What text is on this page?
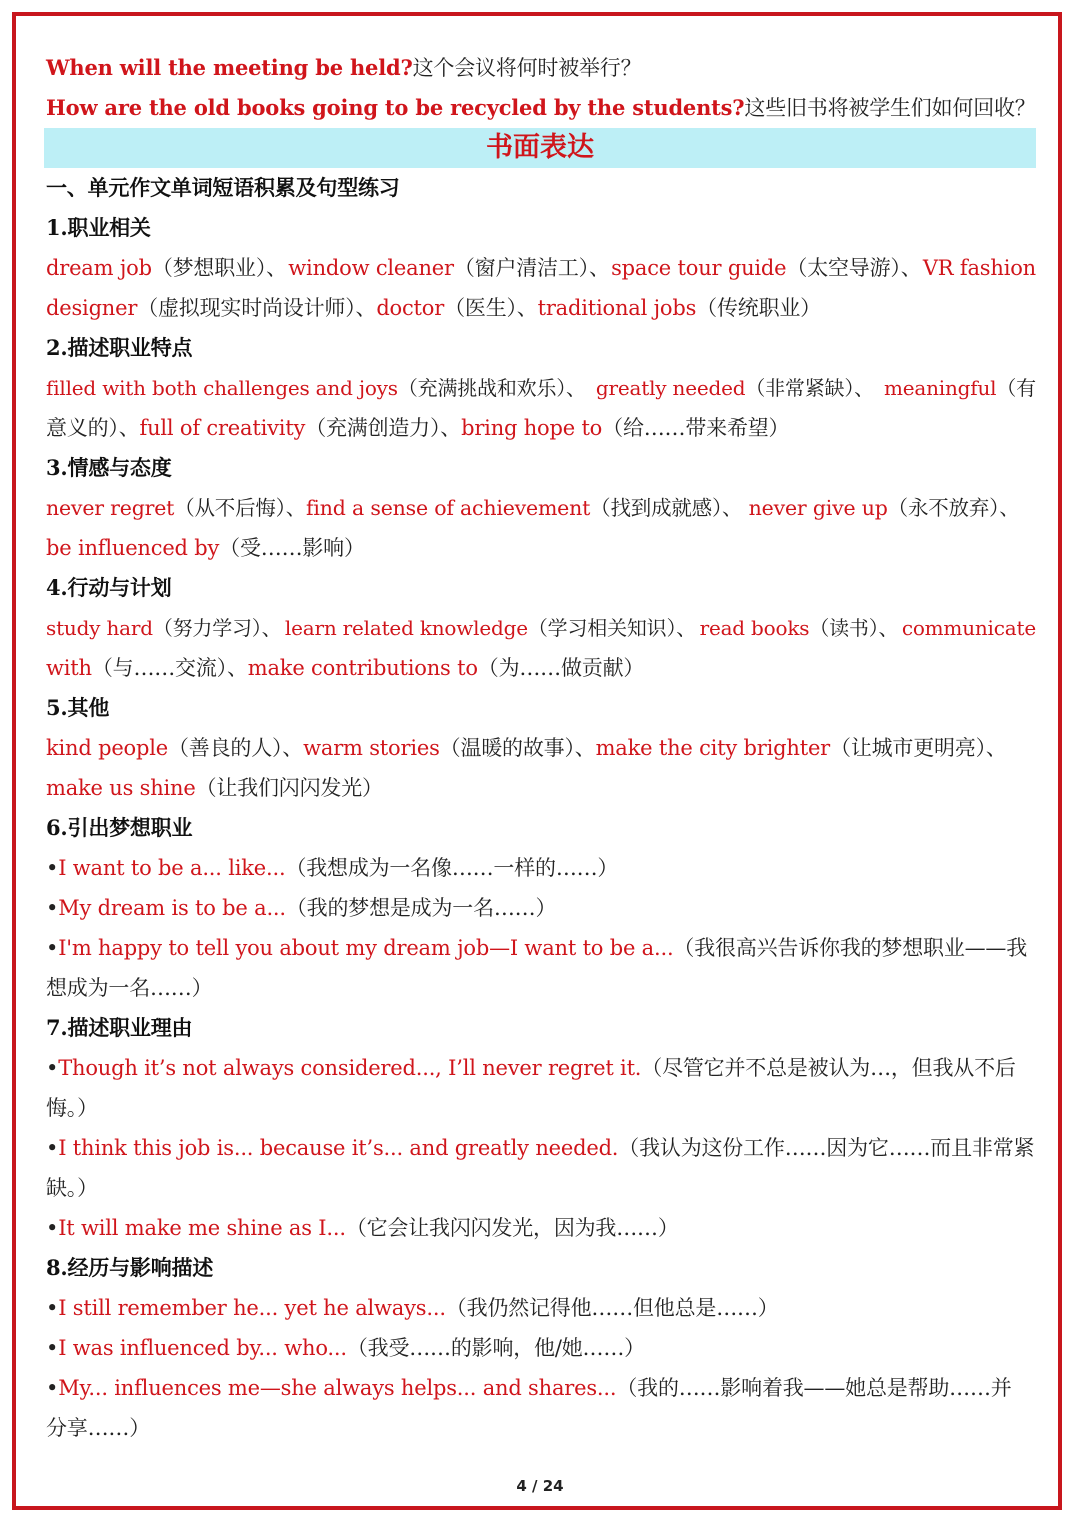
When will the meeting be held?这个会议将何时被举行？
How are the old books going to be recycled by the students?这些旧书将被学生们如何回收？
书面表达
一、单元作文单词短语积累及句型练习
1.职业相关
dream job（梦想职业）、 window cleaner（窗户清洁工）、 space tour guide（太空导游）、 VR fashion
designer（虚拟现实时尚设计师）、doctor（医生）、traditional jobs（传统职业）
2.描述职业特点
filled with both challenges and joys（充满挑战和欢乐）、 greatly needed（非常紧缺）、 meaningful（有
意义的）、full of creativity（充满创造力）、bring hope to（给……带来希望）
3.情感与态度
never regret（从不后悔）、find a sense of achievement（找到成就感）、 never give up（永不放弃）、
be influenced by（受……影响）
4.行动与计划
study hard（努力学习）、 learn related knowledge（学习相关知识）、 read books（读书）、 communicate
with（与……交流）、make contributions to（为……做贡献）
5.其他
kind people（善良的人）、warm stories（温暖的故事）、make the city brighter（让城市更明亮）、
make us shine（让我们闪闪发光）
6.引出梦想职业
•I want to be a... like...（我想成为一名像……一样的……）
•My dream is to be a...（我的梦想是成为一名……）
•I'm happy to tell you about my dream job—I want to be a...（我很高兴告诉你我的梦想职业——我
想成为一名……）
7.描述职业理由
•Though it’s not always considered..., I’ll never regret it.（尽管它并不总是被认为…，但我从不后
悔。）
•I think this job is... because it’s... and greatly needed.（我认为这份工作……因为它……而且非常紧
缺。）
•It will make me shine as I...（它会让我闪闪发光，因为我……）
8.经历与影响描述
•I still remember he... yet he always...（我仍然记得他……但他总是……）
•I was influenced by... who...（我受……的影响，他/她……）
•My... influences me—she always helps... and shares...（我的……影响着我——她总是帮助……并
分享……）
4 / 24
